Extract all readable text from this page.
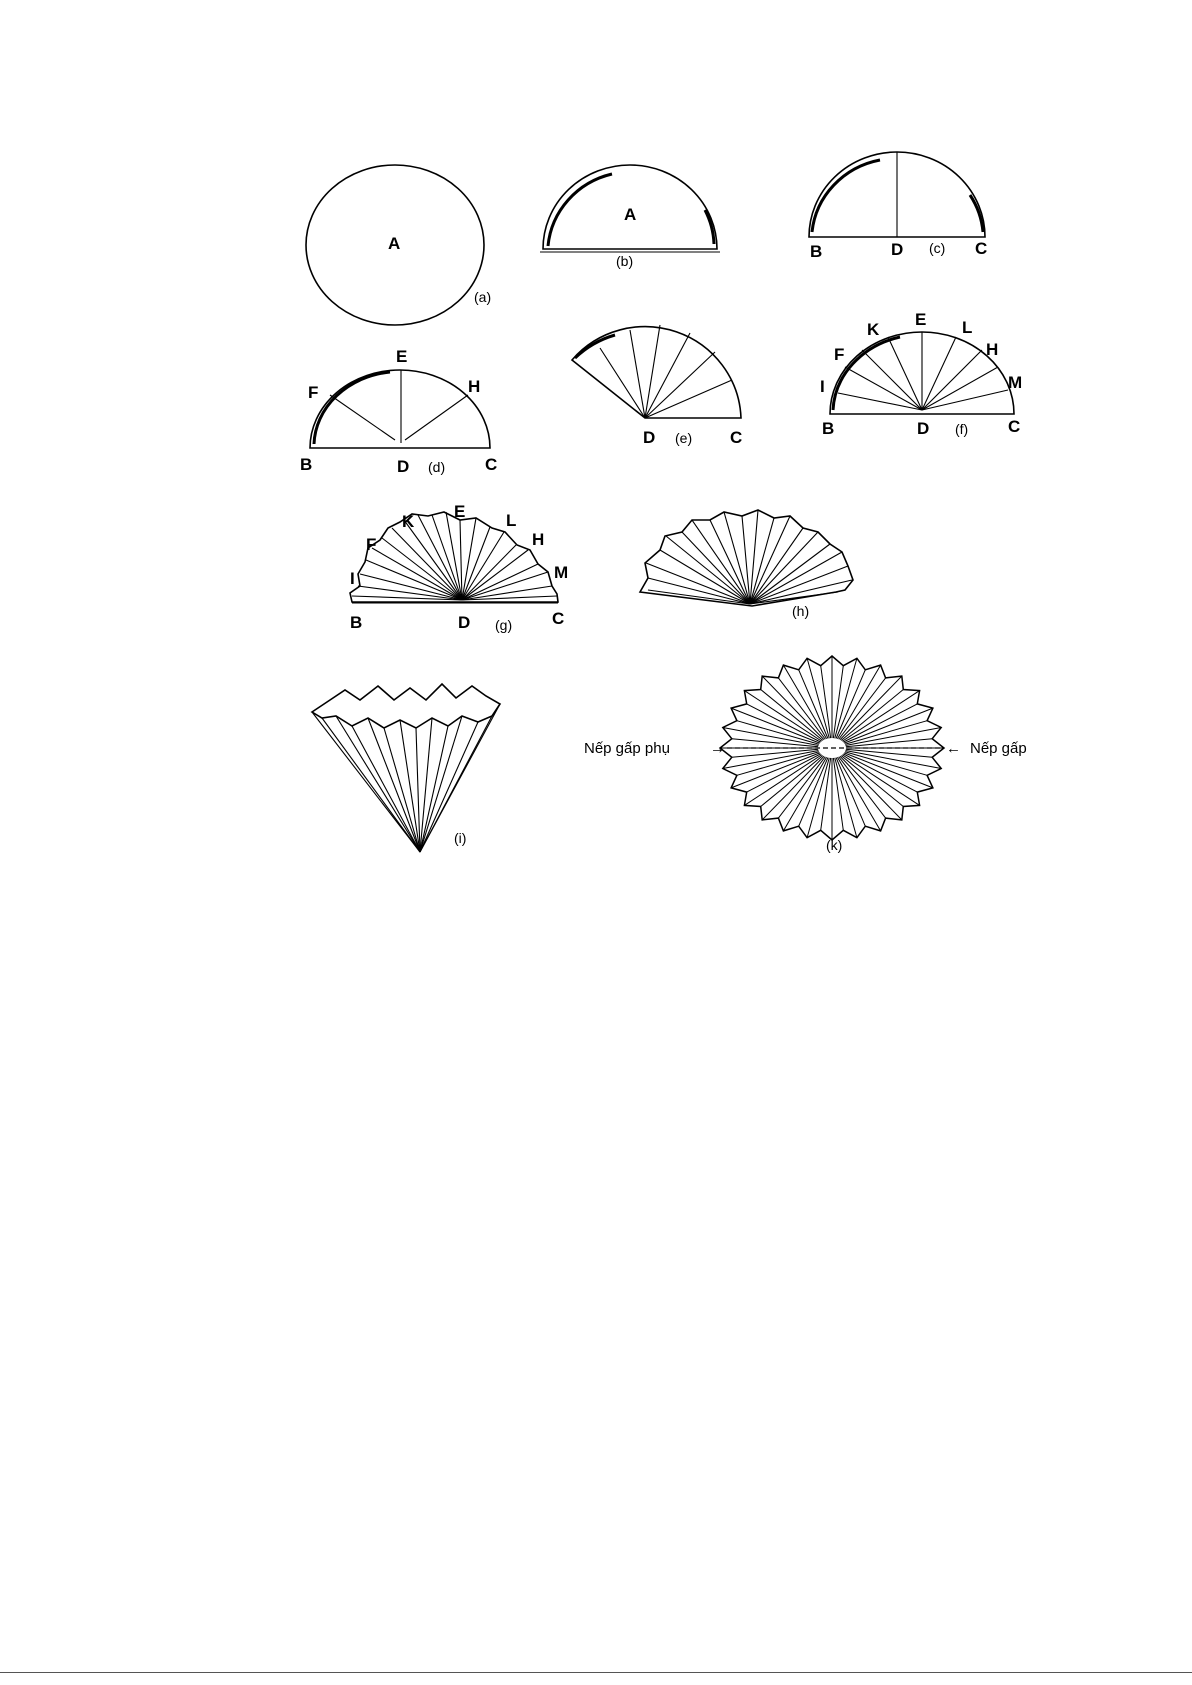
A
(a)
A
(b)	B	D (c) C
E
F	H
B	D (d) C
D (e) C
E
K	L
F	H
I	M
B	D (f) C
K
E L
F	H
I	M
B	D (g) C	(h)
(i)
Nếp gấp phụ	→	← Nếp gấp
(k)
